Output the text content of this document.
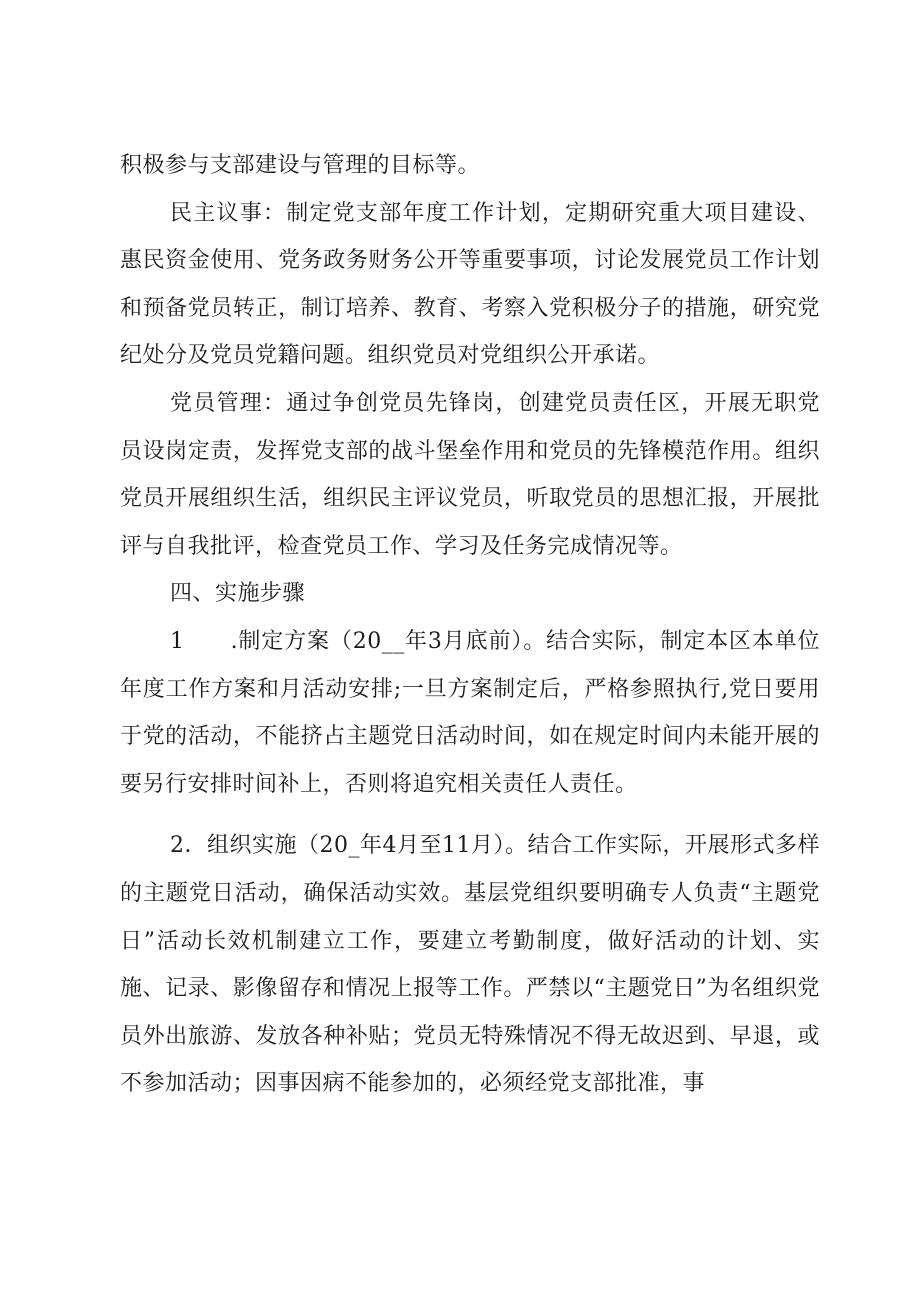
积极参与支部建设与管理的目标等。

民主议事：制定党支部年度工作计划，定期研究重大项目建设、惠民资金使用、党务政务财务公开等重要事项，讨论发展党员工作计划和预备党员转正，制订培养、教育、考察入党积极分子的措施，研究党纪处分及党员党籍问题。组织党员对党组织公开承诺。

党员管理：通过争创党员先锋岗，创建党员责任区，开展无职党员设岗定责，发挥党支部的战斗堡垒作用和党员的先锋模范作用。组织党员开展组织生活，组织民主评议党员，听取党员的思想汇报，开展批评与自我批评，检查党员工作、学习及任务完成情况等。

四、实施步骤

1　　.制定方案（20__年3月底前）。结合实际，制定本区本单位年度工作方案和月活动安排;一旦方案制定后，严格参照执行,党日要用于党的活动，不能挤占主题党日活动时间，如在规定时间内未能开展的要另行安排时间补上，否则将追究相关责任人责任。

2．组织实施（20_年4月至11月）。结合工作实际，开展形式多样的主题党日活动，确保活动实效。基层党组织要明确专人负责“主题党日”活动长效机制建立工作，要建立考勤制度，做好活动的计划、实施、记录、影像留存和情况上报等工作。严禁以“主题党日”为名组织党员外出旅游、发放各种补贴；党员无特殊情况不得无故迟到、早退，或不参加活动；因事因病不能参加的，必须经党支部批准，事
